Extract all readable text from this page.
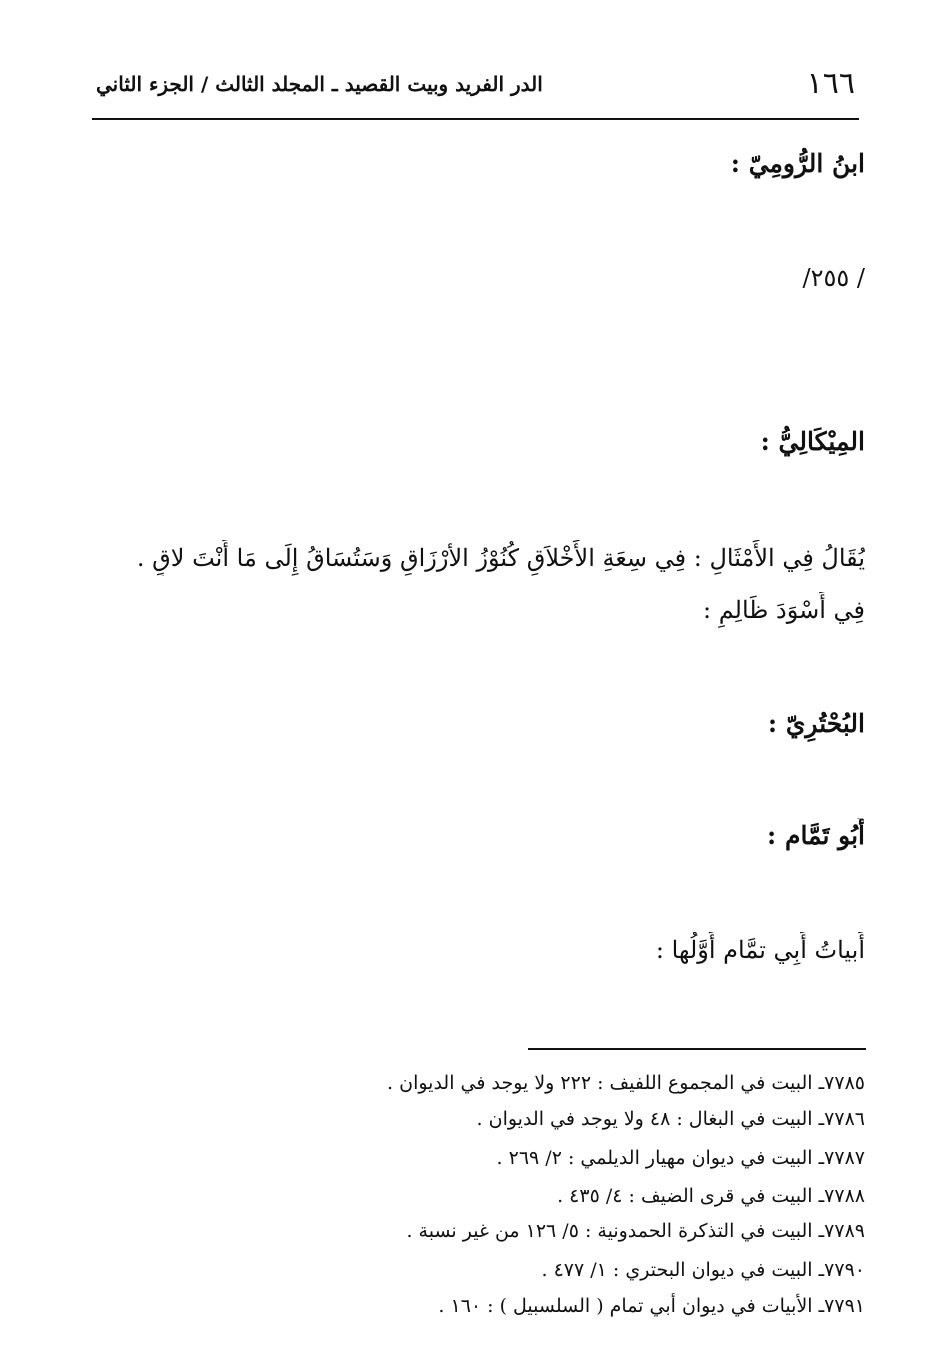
١٦٦
الدر الفريد وبيت القصيد ـ المجلد الثالث / الجزء الثاني
ابنُ الرُّومِيّ :
/ ٢٥٥/
المِيْكَالِيُّ :
يُقَالُ فِي الأَمْثَالِ : فِي سِعَةِ الأَخْلاَقِ كُنُوْزُ الأرْزَاقِ وَسَتُسَاقُ إِلَى مَا أَنْتَ لاقٍ .
فِي أَسْوَدَ ظَالِمٍ :
البُحْتُرِيّ :
أَبُو تَمَّام :
أَبياتُ أَبِي تمَّام أَوَّلُها :
٧٧٨٥ـ البيت في المجموع اللفيف : ٢٢٢ ولا يوجد في الديوان .
٧٧٨٦ـ البيت في البغال : ٤٨ ولا يوجد في الديوان .
٧٧٨٧ـ البيت في ديوان مهيار الديلمي : ٢/ ٢٦٩ .
٧٧٨٨ـ البيت في قرى الضيف : ٤/ ٤٣٥ .
٧٧٨٩ـ البيت في التذكرة الحمدونية : ٥/ ١٢٦ من غير نسبة .
٧٧٩٠ـ البيت في ديوان البحتري : ١/ ٤٧٧ .
٧٧٩١ـ الأبيات في ديوان أبي تمام ( السلسبيل ) : ١٦٠ .
